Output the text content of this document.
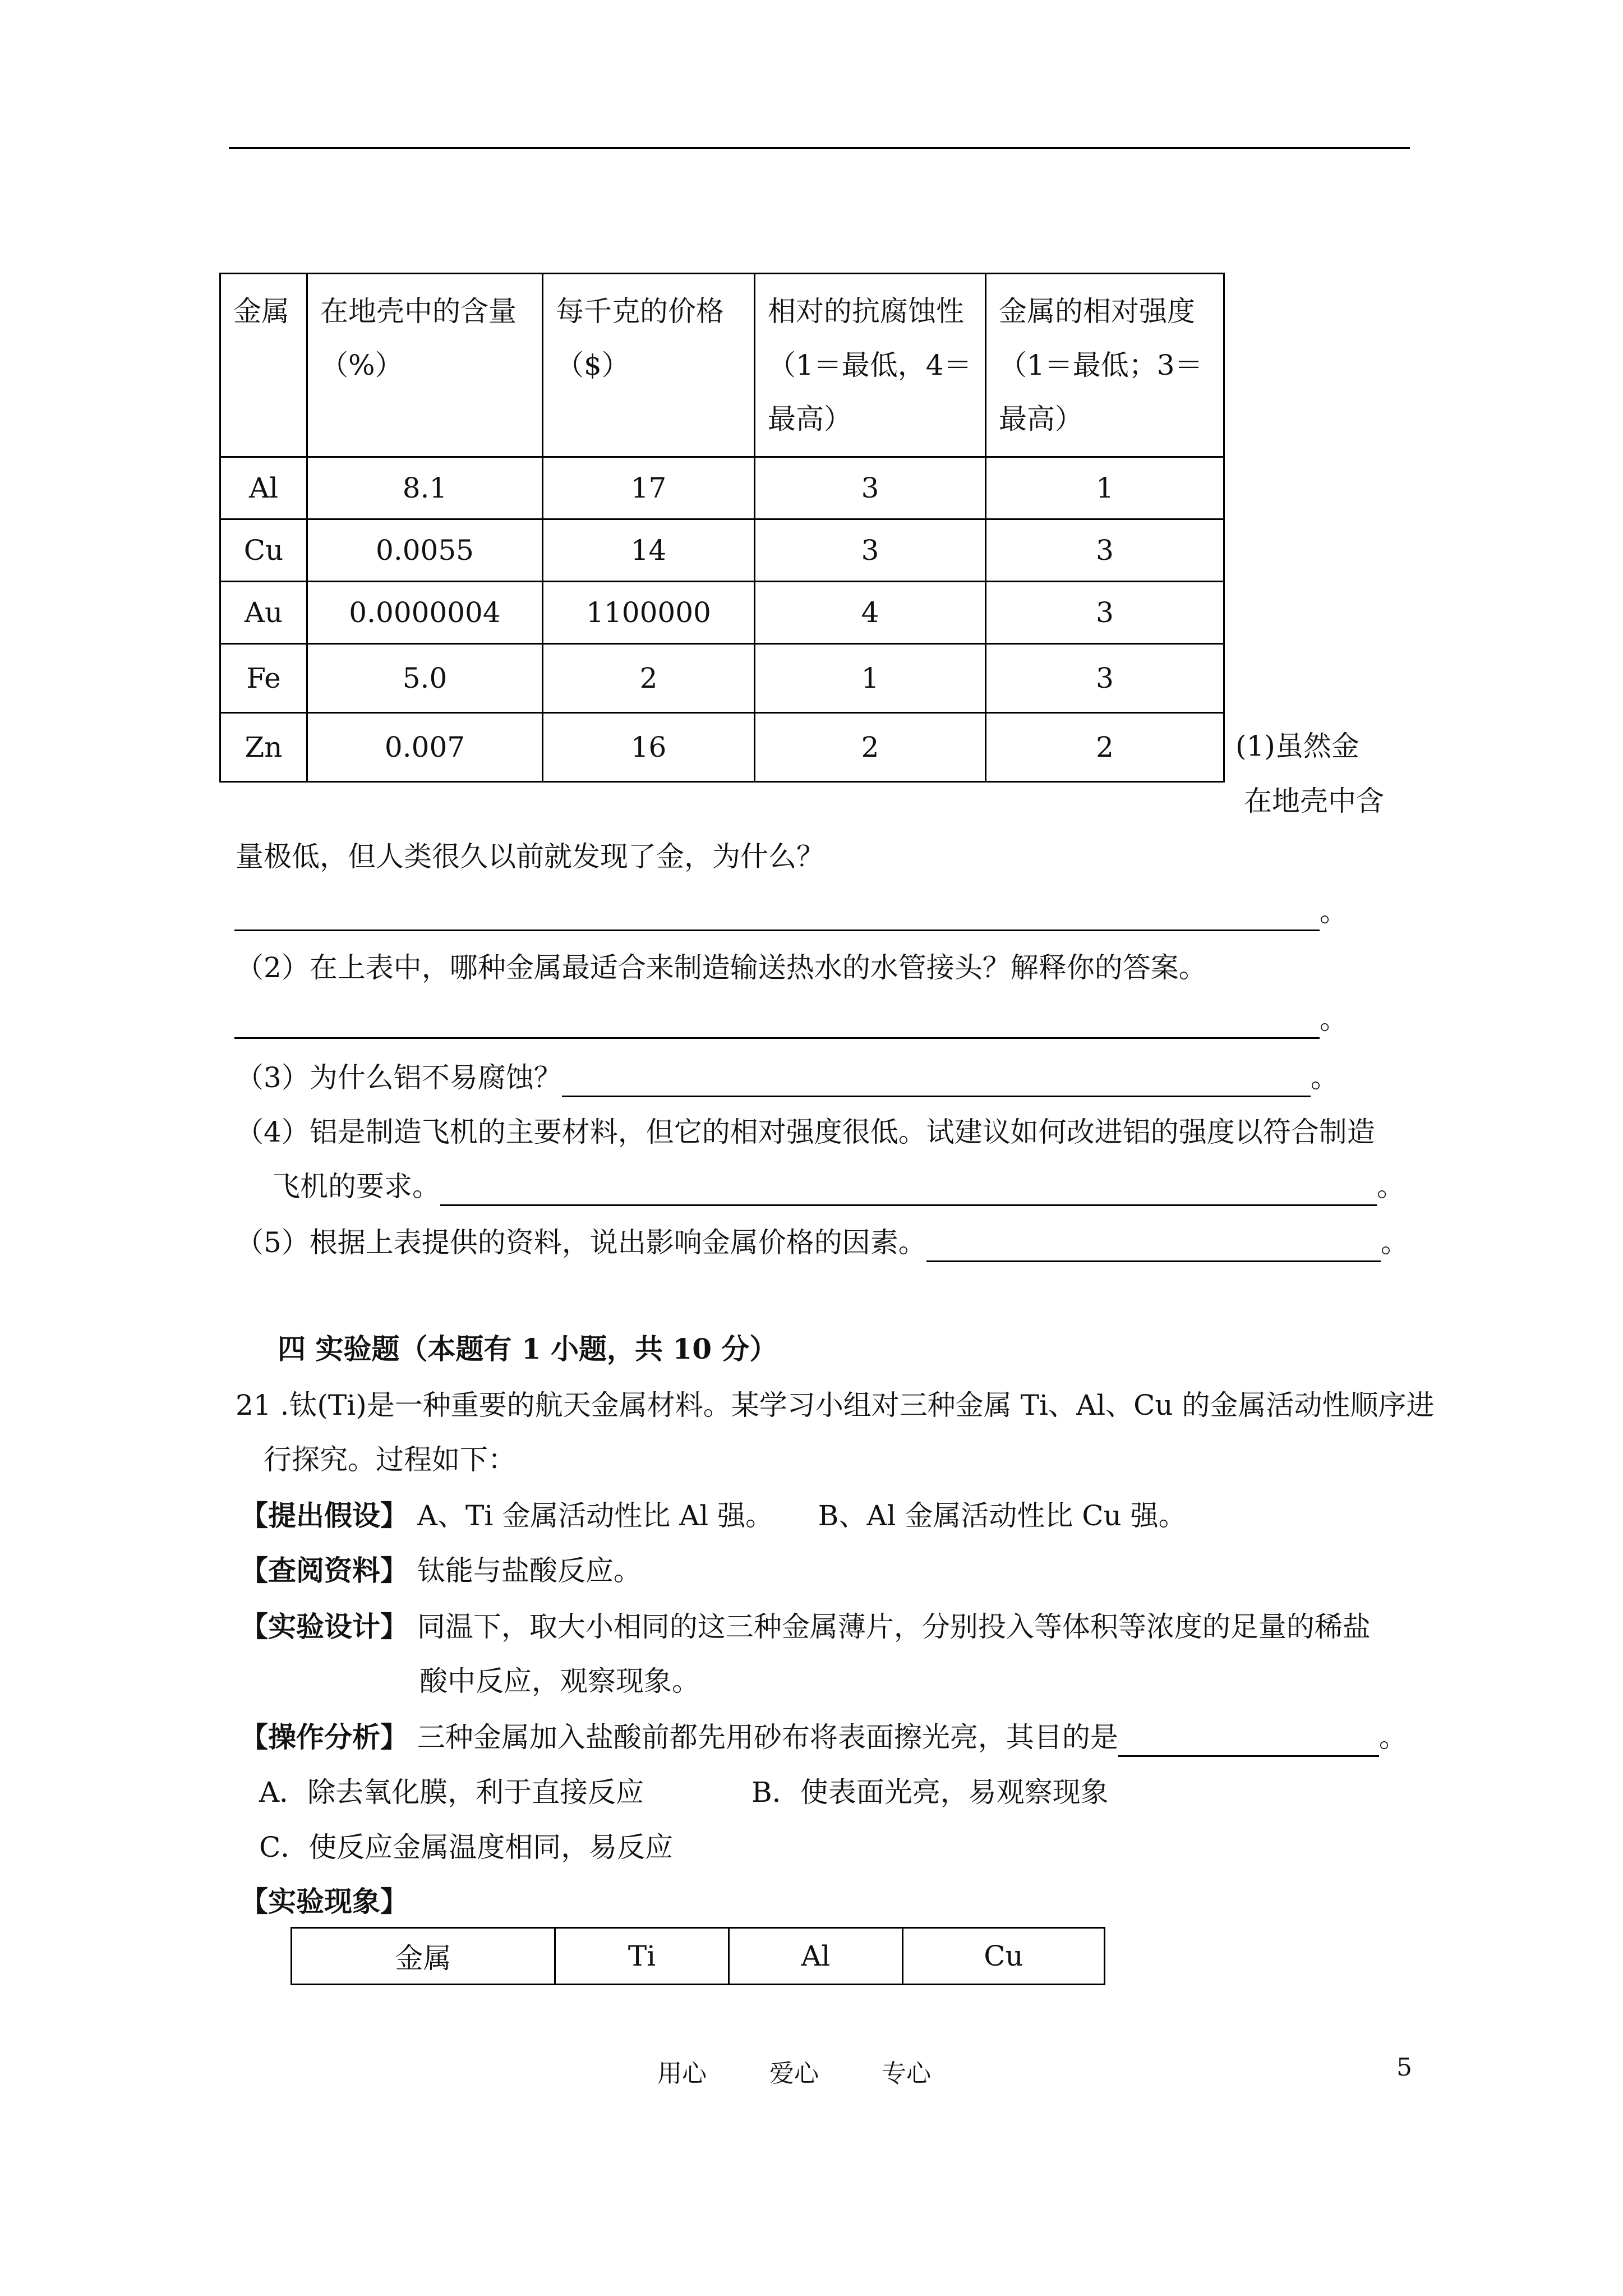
金属	在地壳中的含量（%）	每千克的价格（$）	相对的抗腐蚀性（1＝最低，4＝最高）	金属的相对强度（1＝最低；3＝最高）
Al	8.1	17	3	1
Cu	0.0055	14	3	3
Au	0.0000004	1100000	4	3
Fe	5.0	2	1	3
Zn	0.007	16	2	2	(1)虽然金
在地壳中含
量极低，但人类很久以前就发现了金，为什么？
。
（2）在上表中，哪种金属最适合来制造输送热水的水管接头？解释你的答案。
。
（3）为什么铝不易腐蚀？	。
（4）铝是制造飞机的主要材料，但它的相对强度很低。试建议如何改进铝的强度以符合制造
飞机的要求。	。
（5）根据上表提供的资料，说出影响金属价格的因素。	。
四 实验题（本题有 1 小题，共 10 分）
21 .钛(Ti)是一种重要的航天金属材料。某学习小组对三种金属 Ti、Al、Cu 的金属活动性顺序进
行探究。过程如下：
【提出假设】 A、Ti 金属活动性比 Al 强。     B、Al 金属活动性比 Cu 强。
【查阅资料】 钛能与盐酸反应。
【实验设计】 同温下，取大小相同的这三种金属薄片，分别投入等体积等浓度的足量的稀盐
酸中反应，观察现象。
【操作分析】 三种金属加入盐酸前都先用砂布将表面擦光亮，其目的是	。
A．除去氧化膜，利于直接反应	B．使表面光亮，易观察现象
C．使反应金属温度相同，易反应
【实验现象】
金属	Ti	Al	Cu
用心	爱心	专心	5
